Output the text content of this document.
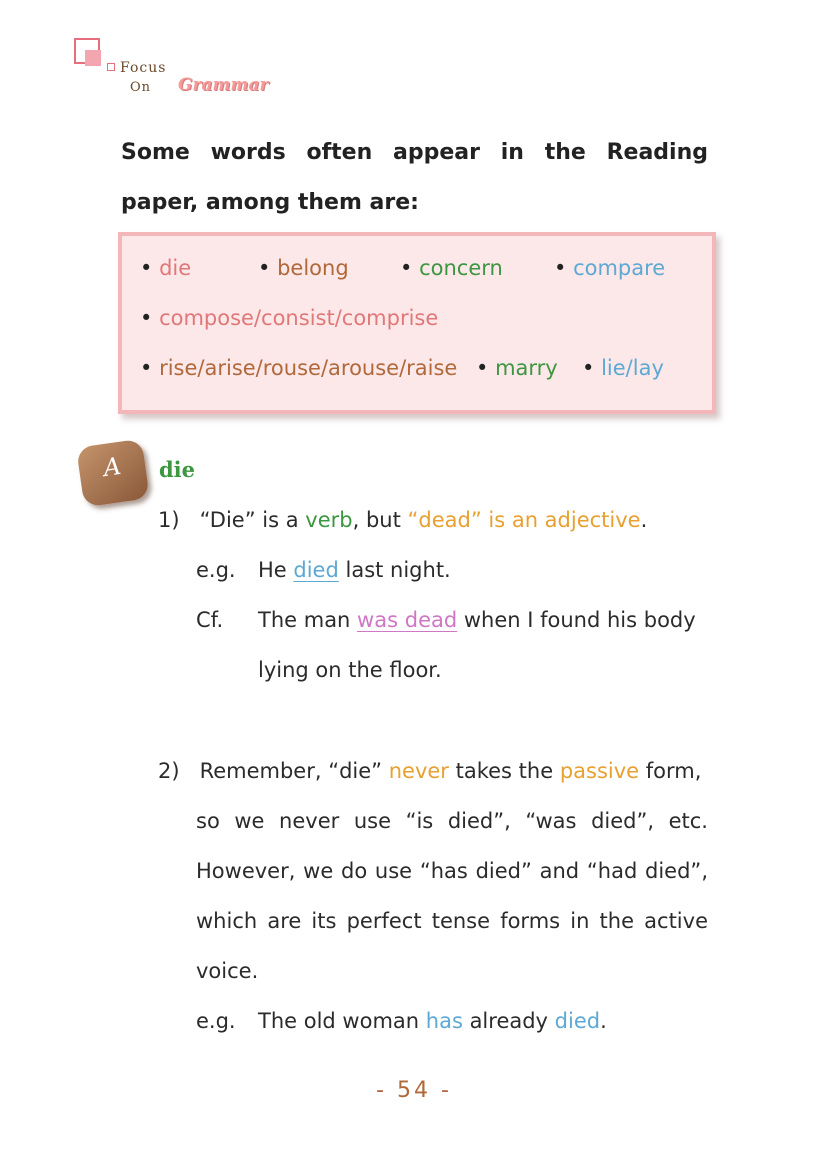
Focus
On Grammar
Some words often appear in the Reading paper, among them are:
• die	• belong • concern • compare
• compose/consist/comprise
• rise/arise/rouse/arouse/raise • marry • lie/lay
A	die
1) “Die” is a verb, but “dead” is an adjective.
e.g. He died last night.
Cf. The man was dead when I found his body
lying on the floor.
2) Remember, “die” never takes the passive form,
so we never use “is died”, “was died”, etc.
However, we do use “has died” and “had died”,
which are its perfect tense forms in the active
voice.
e.g. The old woman has already died.
- 54 -
